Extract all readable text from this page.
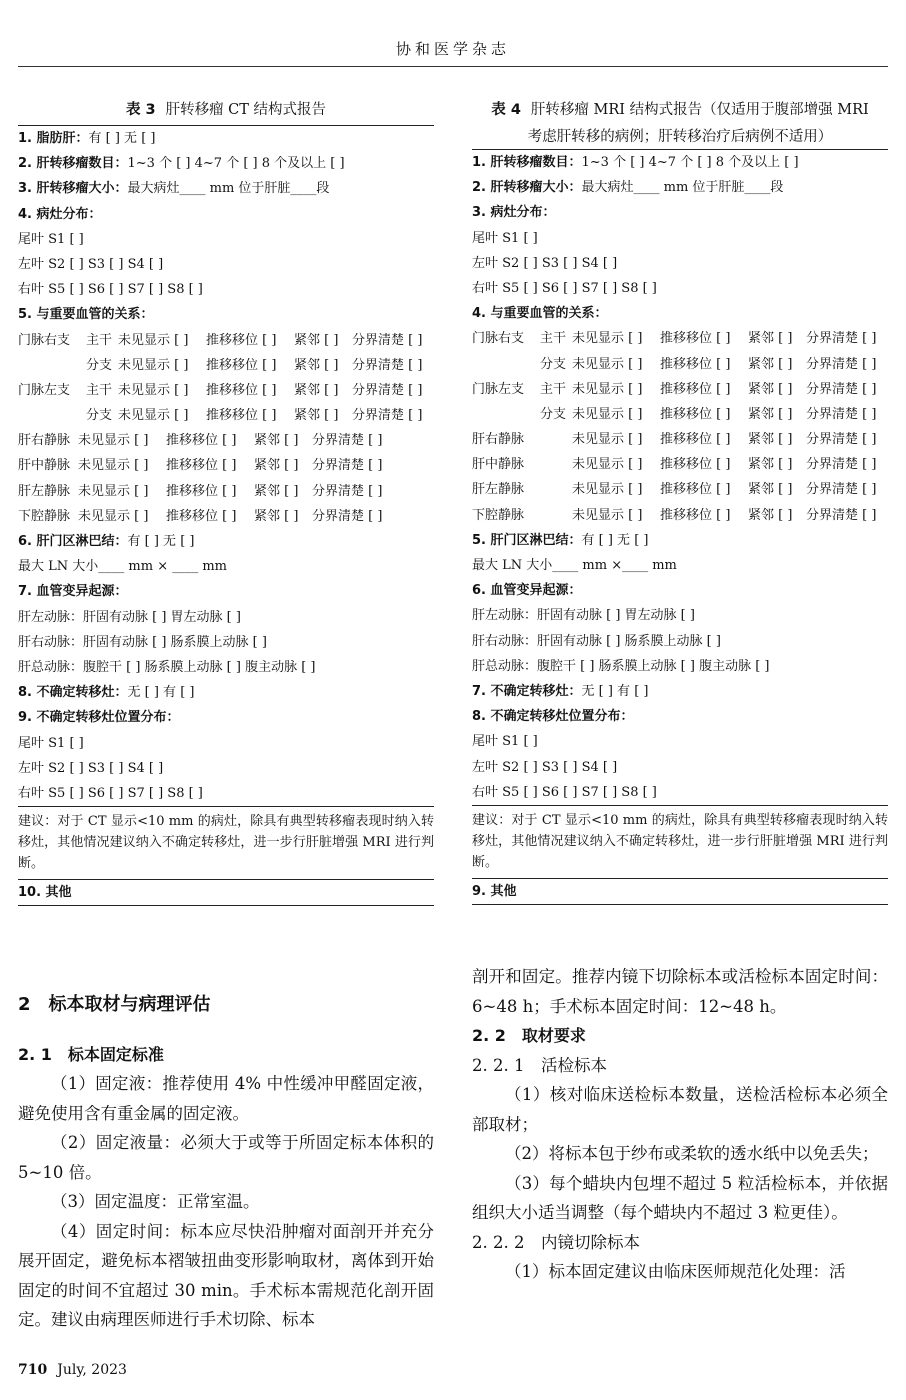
协和医学杂志
表 3 肝转移瘤 CT 结构式报告
1. 脂肪肝：有 [ ] 无 [ ]
2. 肝转移瘤数目：1~3 个 [ ] 4~7 个 [ ] 8 个及以上 [ ]
3. 肝转移瘤大小：最大病灶____ mm 位于肝脏____段
4. 病灶分布：
尾叶 S1 [ ]
左叶 S2 [ ] S3 [ ] S4 [ ]
右叶 S5 [ ] S6 [ ] S7 [ ] S8 [ ]
5. 与重要血管的关系：
门脉右支	主干 未见显示 [ ]	推移移位 [ ]	紧邻 [ ]	分界清楚 [ ]
分支 未见显示 [ ]	推移移位 [ ]	紧邻 [ ]	分界清楚 [ ]
门脉左支	主干 未见显示 [ ]	推移移位 [ ]	紧邻 [ ]	分界清楚 [ ]
分支 未见显示 [ ]	推移移位 [ ]	紧邻 [ ]	分界清楚 [ ]
肝右静脉 未见显示 [ ]	推移移位 [ ]	紧邻 [ ]	分界清楚 [ ]
肝中静脉 未见显示 [ ]	推移移位 [ ]	紧邻 [ ]	分界清楚 [ ]
肝左静脉 未见显示 [ ]	推移移位 [ ]	紧邻 [ ]	分界清楚 [ ]
下腔静脉 未见显示 [ ]	推移移位 [ ]	紧邻 [ ]	分界清楚 [ ]
6. 肝门区淋巴结：有 [ ] 无 [ ]
最大 LN 大小____ mm × ____ mm
7. 血管变异起源：
肝左动脉：肝固有动脉 [ ] 胃左动脉 [ ]
肝右动脉：肝固有动脉 [ ] 肠系膜上动脉 [ ]
肝总动脉：腹腔干 [ ] 肠系膜上动脉 [ ] 腹主动脉 [ ]
8. 不确定转移灶：无 [ ] 有 [ ]
9. 不确定转移灶位置分布：
尾叶 S1 [ ]
左叶 S2 [ ] S3 [ ] S4 [ ]
右叶 S5 [ ] S6 [ ] S7 [ ] S8 [ ]
建议：对于 CT 显示<10 mm 的病灶，除具有典型转移瘤表现时纳入转移灶，其他情况建议纳入不确定转移灶，进一步行肝脏增强 MRI 进行判断。
10. 其他
表 4 肝转移瘤 MRI 结构式报告（仅适用于腹部增强 MRI
考虑肝转移的病例；肝转移治疗后病例不适用）
1. 肝转移瘤数目：1~3 个 [ ] 4~7 个 [ ] 8 个及以上 [ ]
2. 肝转移瘤大小：最大病灶____ mm 位于肝脏____段
3. 病灶分布：
尾叶 S1 [ ]
左叶 S2 [ ] S3 [ ] S4 [ ]
右叶 S5 [ ] S6 [ ] S7 [ ] S8 [ ]
4. 与重要血管的关系：
门脉右支	主干 未见显示 [ ]	推移移位 [ ]	紧邻 [ ]	分界清楚 [ ]
分支 未见显示 [ ]	推移移位 [ ]	紧邻 [ ]	分界清楚 [ ]
门脉左支	主干 未见显示 [ ]	推移移位 [ ]	紧邻 [ ]	分界清楚 [ ]
分支 未见显示 [ ]	推移移位 [ ]	紧邻 [ ]	分界清楚 [ ]
肝右静脉	未见显示 [ ]	推移移位 [ ]	紧邻 [ ]	分界清楚 [ ]
肝中静脉	未见显示 [ ]	推移移位 [ ]	紧邻 [ ]	分界清楚 [ ]
肝左静脉	未见显示 [ ]	推移移位 [ ]	紧邻 [ ]	分界清楚 [ ]
下腔静脉	未见显示 [ ]	推移移位 [ ]	紧邻 [ ]	分界清楚 [ ]
5. 肝门区淋巴结：有 [ ] 无 [ ]
最大 LN 大小____ mm ×____ mm
6. 血管变异起源：
肝左动脉：肝固有动脉 [ ] 胃左动脉 [ ]
肝右动脉：肝固有动脉 [ ] 肠系膜上动脉 [ ]
肝总动脉：腹腔干 [ ] 肠系膜上动脉 [ ] 腹主动脉 [ ]
7. 不确定转移灶：无 [ ] 有 [ ]
8. 不确定转移灶位置分布：
尾叶 S1 [ ]
左叶 S2 [ ] S3 [ ] S4 [ ]
右叶 S5 [ ] S6 [ ] S7 [ ] S8 [ ]
建议：对于 CT 显示<10 mm 的病灶，除具有典型转移瘤表现时纳入转移灶，其他情况建议纳入不确定转移灶，进一步行肝脏增强 MRI 进行判断。
9. 其他

2　标本取材与病理评估

2. 1　标本固定标准

（1）固定液：推荐使用 4% 中性缓冲甲醛固定液，避免使用含有重金属的固定液。

（2）固定液量：必须大于或等于所固定标本体积的 5~10 倍。

（3）固定温度：正常室温。

（4）固定时间：标本应尽快沿肿瘤对面剖开并充分展开固定，避免标本褶皱扭曲变形影响取材，离体到开始固定的时间不宜超过 30 min。手术标本需规范化剖开固定。建议由病理医师进行手术切除、标本

剖开和固定。推荐内镜下切除标本或活检标本固定时间：6~48 h；手术标本固定时间：12~48 h。

2. 2　取材要求

2. 2. 1　活检标本

（1）核对临床送检标本数量，送检活检标本必须全部取材；

（2）将标本包于纱布或柔软的透水纸中以免丢失；

（3）每个蜡块内包埋不超过 5 粒活检标本，并依据组织大小适当调整（每个蜡块内不超过 3 粒更佳）。

2. 2. 2　内镜切除标本

（1）标本固定建议由临床医师规范化处理：活

710 July, 2023
